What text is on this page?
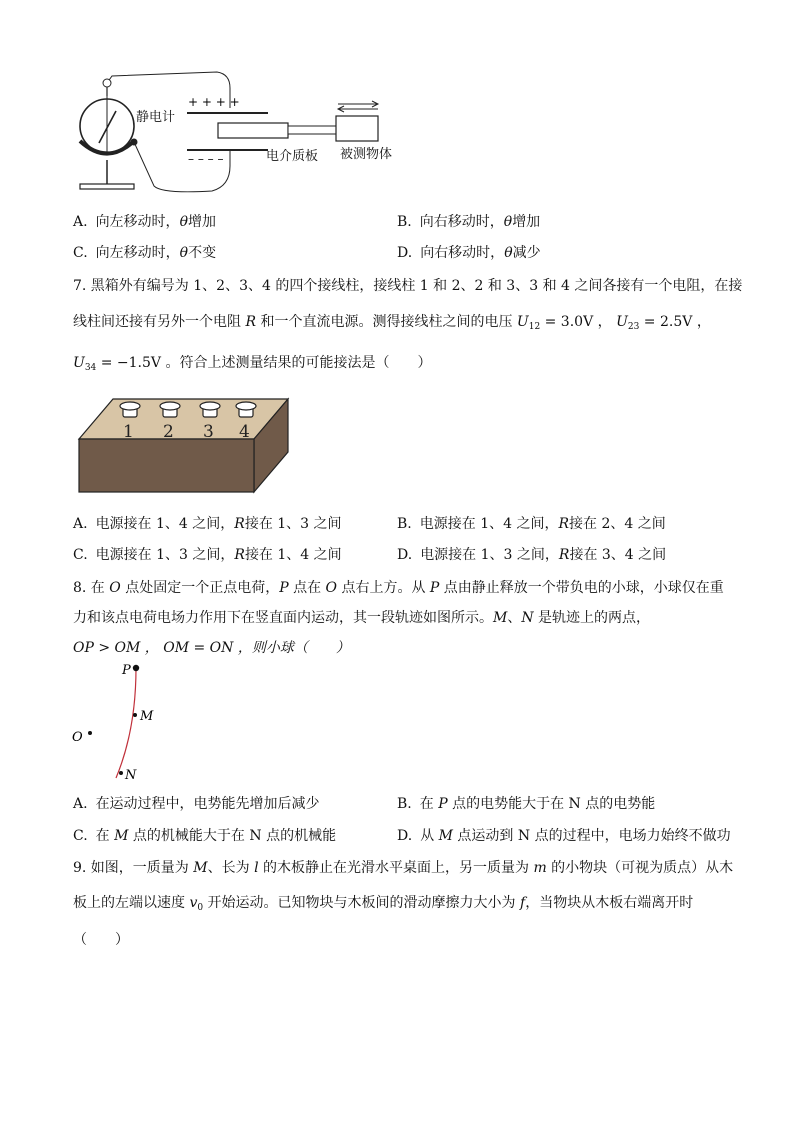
+ + + +
– – – –
静电计
电介质板 被测物体
A. 向左移动时，θ增加	B. 向右移动时，θ增加
C. 向左移动时，θ不变	D. 向右移动时，θ减少
7. 黑箱外有编号为 1、2、3、4 的四个接线柱，接线柱 1 和 2、2 和 3、3 和 4 之间各接有一个电阻，在接
线柱间还接有另外一个电阻 R 和一个直流电源。测得接线柱之间的电压 $U_{12} = 3.0V$ ， $U_{23} = 2.5V$ ，
$U_{34} = -1.5V$ 。符合上述测量结果的可能接法是（　　）
1 2 3 4
A. 电源接在 1、4 之间，R接在 1、3 之间	B. 电源接在 1、4 之间，R接在 2、4 之间
C. 电源接在 1、3 之间，R接在 1、4 之间	D. 电源接在 1、3 之间，R接在 3、4 之间
8. 在 O 点处固定一个正点电荷，P 点在 O 点右上方。从 P 点由静止释放一个带负电的小球，小球仅在重
力和该点电荷电场力作用下在竖直面内运动，其一段轨迹如图所示。M、N 是轨迹上的两点，
OP > OM ， OM = ON ，则小球（　　）
P
M
O
N
A. 在运动过程中，电势能先增加后减少	B. 在 P 点的电势能大于在 N 点的电势能
C. 在 M 点的机械能大于在 N 点的机械能	D. 从 M 点运动到 N 点的过程中，电场力始终不做功
9. 如图，一质量为 M、长为 l 的木板静止在光滑水平桌面上，另一质量为 m 的小物块（可视为质点）从木
板上的左端以速度 $v_0$ 开始运动。已知物块与木板间的滑动摩擦力大小为 f，当物块从木板右端离开时
（　　）
